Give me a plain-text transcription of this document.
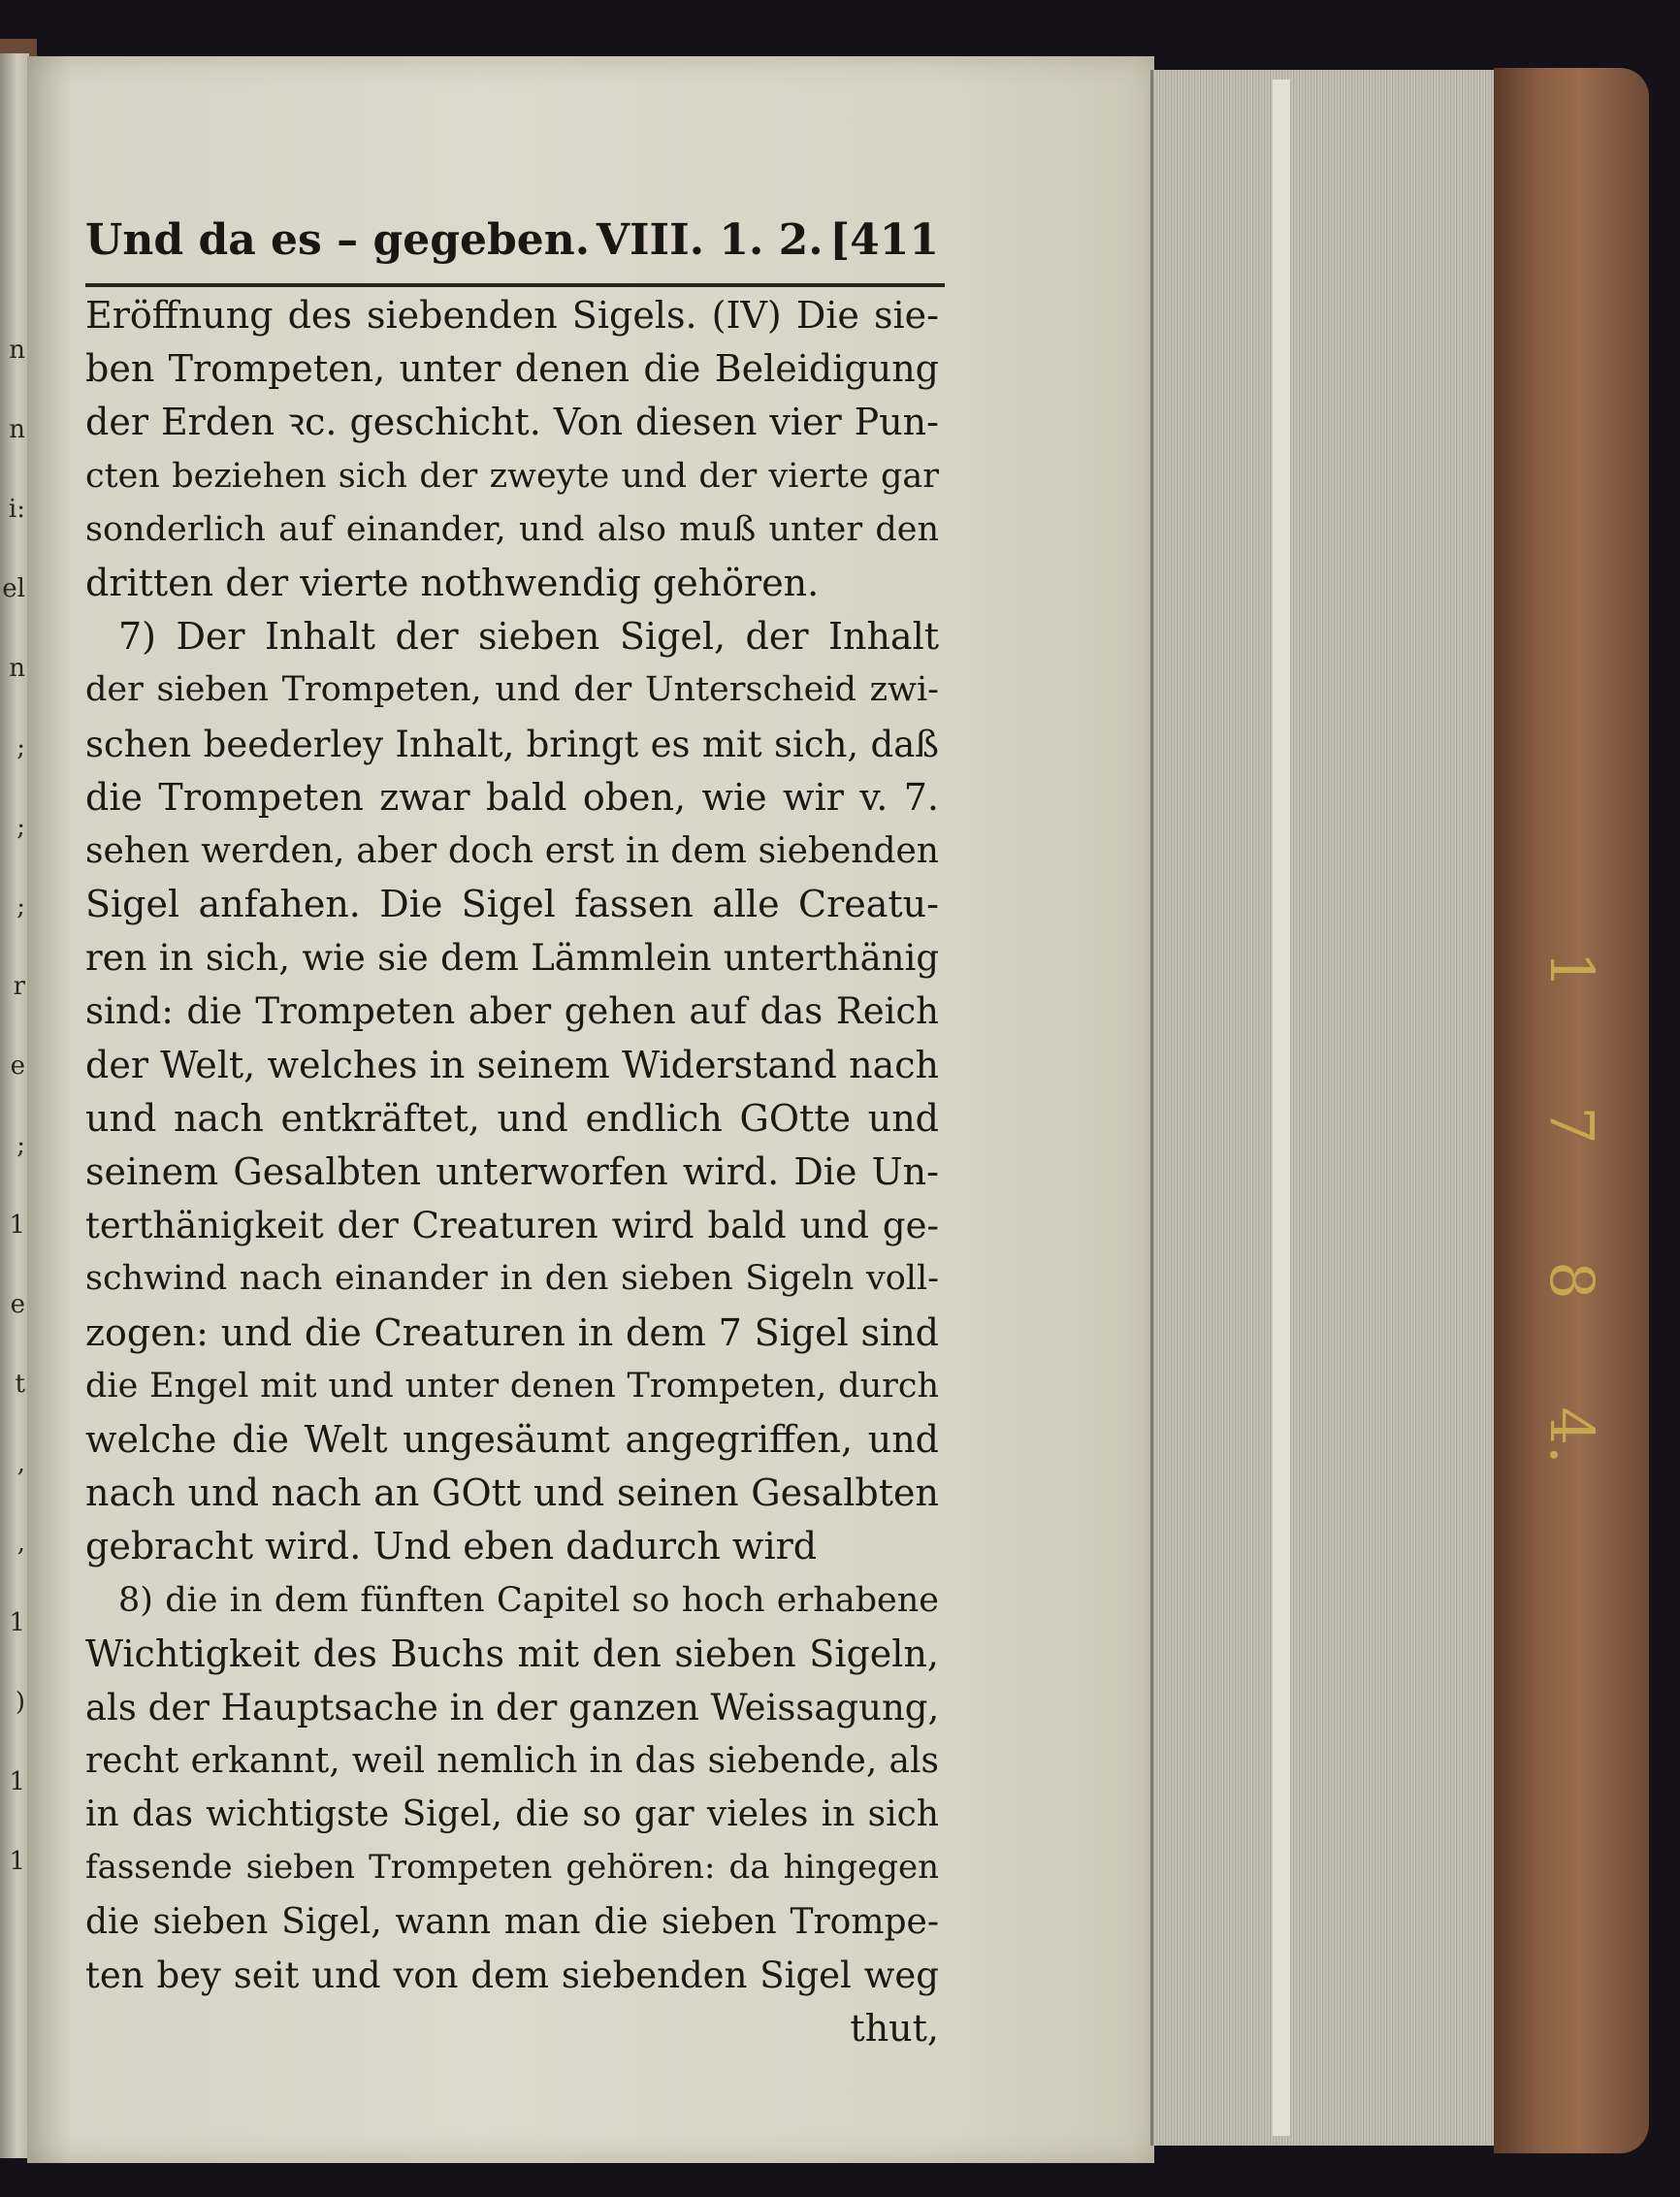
n
n
i:
el
n
;
;
;
r
e
;
1
e
t
,
,
1
)
1
1
1
7
8
4.
Und da es – gegeben. VIII. 1. 2. [411
Eröffnung des siebenden Sigels. (IV) Die sie-
ben Trompeten, unter denen die Beleidigung
der Erden ꝛc. geschicht. Von diesen vier Pun-
cten beziehen sich der zweyte und der vierte gar
sonderlich auf einander, und also muß unter den
dritten der vierte nothwendig gehören.
7) Der Inhalt der sieben Sigel, der Inhalt
der sieben Trompeten, und der Unterscheid zwi-
schen beederley Inhalt, bringt es mit sich, daß
die Trompeten zwar bald oben, wie wir v. 7.
sehen werden, aber doch erst in dem siebenden
Sigel anfahen. Die Sigel fassen alle Creatu-
ren in sich, wie sie dem Lämmlein unterthänig
sind: die Trompeten aber gehen auf das Reich
der Welt, welches in seinem Widerstand nach
und nach entkräftet, und endlich GOtte und
seinem Gesalbten unterworfen wird. Die Un-
terthänigkeit der Creaturen wird bald und ge-
schwind nach einander in den sieben Sigeln voll-
zogen: und die Creaturen in dem 7 Sigel sind
die Engel mit und unter denen Trompeten, durch
welche die Welt ungesäumt angegriffen, und
nach und nach an GOtt und seinen Gesalbten
gebracht wird. Und eben dadurch wird
8) die in dem fünften Capitel so hoch erhabene
Wichtigkeit des Buchs mit den sieben Sigeln,
als der Hauptsache in der ganzen Weissagung,
recht erkannt, weil nemlich in das siebende, als
in das wichtigste Sigel, die so gar vieles in sich
fassende sieben Trompeten gehören: da hingegen
die sieben Sigel, wann man die sieben Trompe-
ten bey seit und von dem siebenden Sigel weg
thut,
